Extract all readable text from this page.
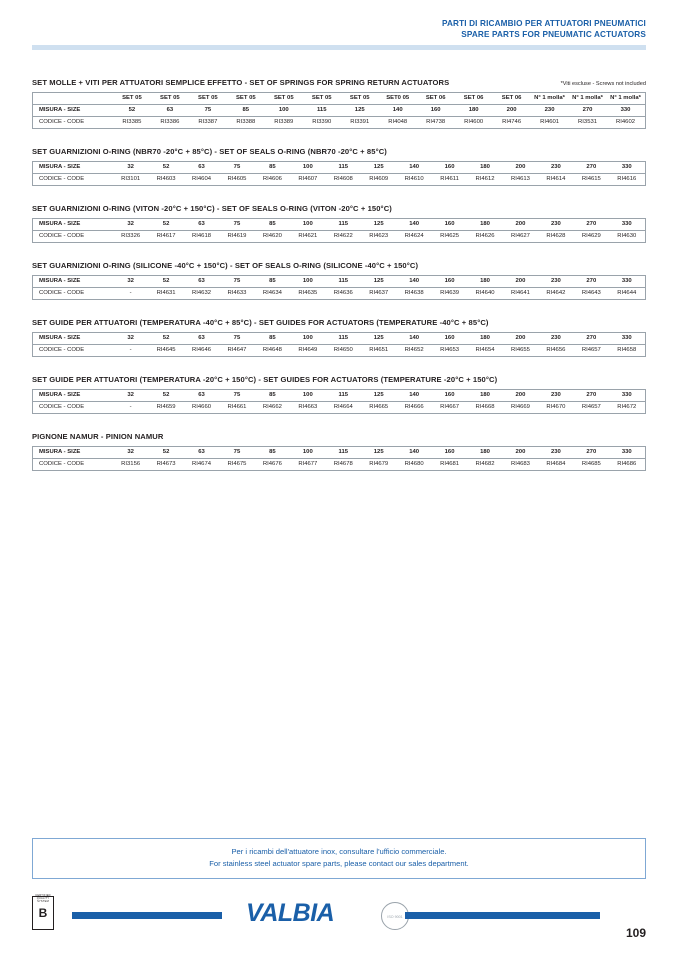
PARTI DI RICAMBIO PER ATTUATORI PNEUMATICI
SPARE PARTS FOR PNEUMATIC ACTUATORS
SET MOLLE + VITI PER ATTUATORI SEMPLICE EFFETTO - SET OF SPRINGS FOR SPRING RETURN ACTUATORS	*Viti escluse - Screws not included
	SET 05	SET 05	SET 05	SET 05	SET 05	SET 05	SET 05	SET0 05	SET 06	SET 06	SET 06	N° 1 molla*	N° 1 molla*	N° 1 molla*
MISURA - SIZE	52	63	75	85	100	115	125	140	160	180	200	230	270	330
CODICE - CODE	RI3385	RI3386	RI3387	RI3388	RI3389	RI3390	RI3391	RI4048	RI4738	RI4600	RI4746	RI4601	RI3531	RI4602
SET GUARNIZIONI O-RING (NBR70 -20°C + 85°C) - SET OF SEALS O-RING (NBR70 -20°C + 85°C)
MISURA - SIZE	32	52	63	75	85	100	115	125	140	160	180	200	230	270	330
CODICE - CODE	RI3101	RI4603	RI4604	RI4605	RI4606	RI4607	RI4608	RI4609	RI4610	RI4611	RI4612	RI4613	RI4614	RI4615	RI4616
SET GUARNIZIONI O-RING (VITON -20°C + 150°C) - SET OF SEALS O-RING (VITON -20°C + 150°C)
MISURA - SIZE	32	52	63	75	85	100	115	125	140	160	180	200	230	270	330
CODICE - CODE	RI3326	RI4617	RI4618	RI4619	RI4620	RI4621	RI4622	RI4623	RI4624	RI4625	RI4626	RI4627	RI4628	RI4629	RI4630
SET GUARNIZIONI O-RING (SILICONE -40°C + 150°C) - SET OF SEALS O-RING (SILICONE -40°C + 150°C)
MISURA - SIZE	32	52	63	75	85	100	115	125	140	160	180	200	230	270	330
CODICE - CODE	-	RI4631	RI4632	RI4633	RI4634	RI4635	RI4636	RI4637	RI4638	RI4639	RI4640	RI4641	RI4642	RI4643	RI4644
SET GUIDE PER ATTUATORI (TEMPERATURA -40°C + 85°C) - SET GUIDES FOR ACTUATORS (TEMPERATURE -40°C + 85°C)
MISURA - SIZE	32	52	63	75	85	100	115	125	140	160	180	200	230	270	330
CODICE - CODE	-	RI4645	RI4646	RI4647	RI4648	RI4649	RI4650	RI4651	RI4652	RI4653	RI4654	RI4655	RI4656	RI4657	RI4658
SET GUIDE PER ATTUATORI (TEMPERATURA -20°C + 150°C) - SET GUIDES FOR ACTUATORS (TEMPERATURE -20°C + 150°C)
MISURA - SIZE	32	52	63	75	85	100	115	125	140	160	180	200	230	270	330
CODICE - CODE	-	RI4659	RI4660	RI4661	RI4662	RI4663	RI4664	RI4665	RI4666	RI4667	RI4668	RI4669	RI4670	RI4657	RI4672
PIGNONE NAMUR - PINION NAMUR
MISURA - SIZE	32	52	63	75	85	100	115	125	140	160	180	200	230	270	330
CODICE - CODE	RI3156	RI4673	RI4674	RI4675	RI4676	RI4677	RI4678	RI4679	RI4680	RI4681	RI4682	RI4683	RI4684	RI4685	RI4686
Per i ricambi dell'attuatore inox, consultare l'ufficio commerciale.
For stainless steel actuator spare parts, please contact our sales department.
B
CERTIFIED QUALITY SYSTEM	VALBIA	ISO 9001
109
